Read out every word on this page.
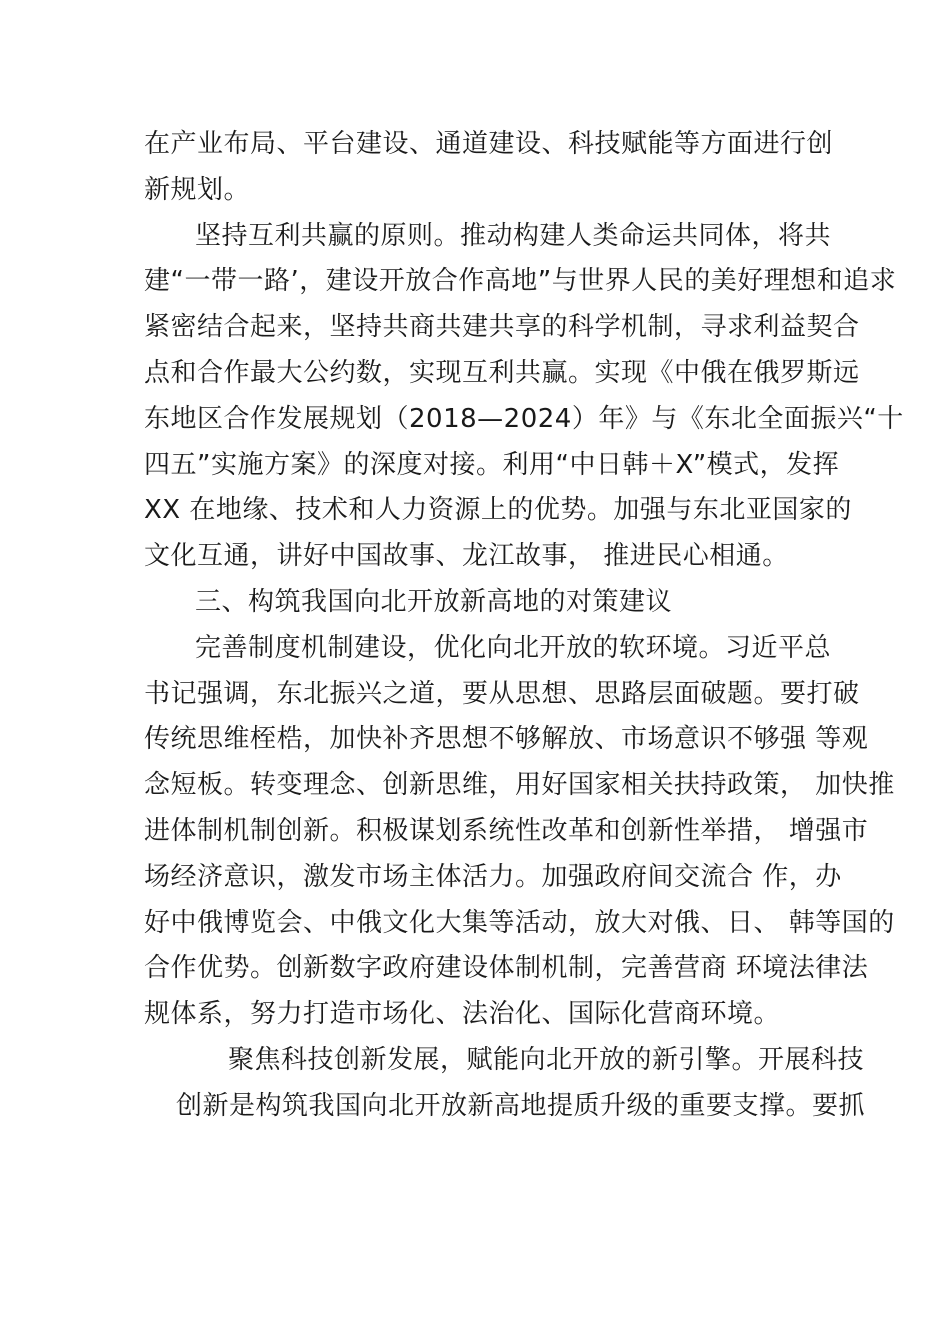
在产业布局、平台建设、通道建设、科技赋能等方面进行创
新规划。
坚持互利共赢的原则。推动构建人类命运共同体，将共
建“一带一路’，建设开放合作高地”与世界人民的美好理想和追求
紧密结合起来，坚持共商共建共享的科学机制，寻求利益契合
点和合作最大公约数，实现互利共赢。实现《中俄在俄罗斯远
东地区合作发展规划（2018—2024）年》与《东北全面振兴“十
四五”实施方案》的深度对接。利用“中日韩＋X”模式，发挥
XX 在地缘、技术和人力资源上的优势。加强与东北亚国家的
文化互通，讲好中国故事、龙江故事， 推进民心相通。
三、构筑我国向北开放新高地的对策建议
完善制度机制建设，优化向北开放的软环境。习近平总
书记强调，东北振兴之道，要从思想、思路层面破题。要打破
传统思维桎梏，加快补齐思想不够解放、市场意识不够强 等观
念短板。转变理念、创新思维，用好国家相关扶持政策， 加快推
进体制机制创新。积极谋划系统性改革和创新性举措， 增强市
场经济意识，激发市场主体活力。加强政府间交流合 作，办
好中俄博览会、中俄文化大集等活动，放大对俄、日、 韩等国的
合作优势。创新数字政府建设体制机制，完善营商 环境法律法
规体系，努力打造市场化、法治化、国际化营商环境。
聚焦科技创新发展，赋能向北开放的新引擎。开展科技
创新是构筑我国向北开放新高地提质升级的重要支撑。要抓
